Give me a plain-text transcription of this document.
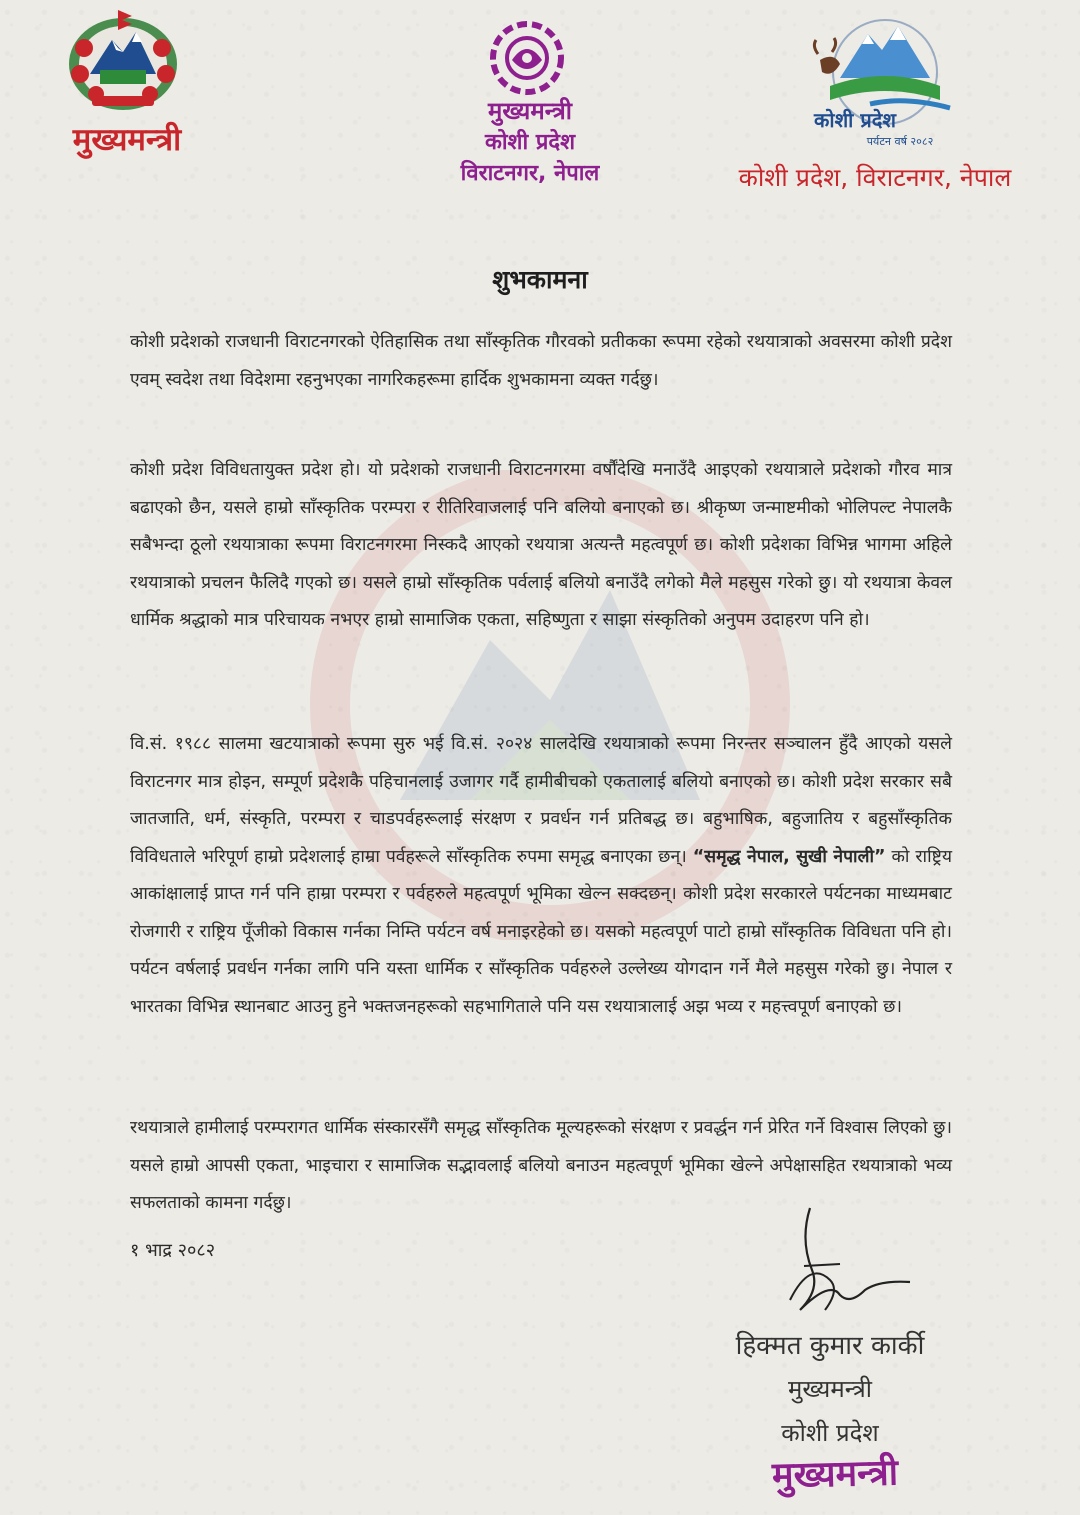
मुख्यमन्त्री
मुख्यमन्त्री
कोशी प्रदेश
विराटनगर, नेपाल
कोशी प्रदेश
पर्यटन वर्ष २०८२
कोशी प्रदेश, विराटनगर, नेपाल
शुभकामना
कोशी प्रदेशको राजधानी विराटनगरको ऐतिहासिक तथा साँस्कृतिक गौरवको प्रतीकका रूपमा रहेको रथयात्राको अवसरमा कोशी प्रदेश एवम् स्वदेश तथा विदेशमा रहनुभएका नागरिकहरूमा हार्दिक शुभकामना व्यक्त गर्दछु।
कोशी प्रदेश विविधतायुक्त प्रदेश हो। यो प्रदेशको राजधानी विराटनगरमा वर्षौंदेखि मनाउँदै आइएको रथयात्राले प्रदेशको गौरव मात्र बढाएको छैन, यसले हाम्रो साँस्कृतिक परम्परा र रीतिरिवाजलाई पनि बलियो बनाएको छ। श्रीकृष्ण जन्माष्टमीको भोलिपल्ट नेपालकै सबैभन्दा ठूलो रथयात्राका रूपमा विराटनगरमा निस्कदै आएको रथयात्रा अत्यन्तै महत्वपूर्ण छ। कोशी प्रदेशका विभिन्न भागमा अहिले रथयात्राको प्रचलन फैलिदै गएको छ। यसले हाम्रो साँस्कृतिक पर्वलाई बलियो बनाउँदै लगेको मैले महसुस गरेको छु। यो रथयात्रा केवल धार्मिक श्रद्धाको मात्र परिचायक नभएर हाम्रो सामाजिक एकता, सहिष्णुता र साझा संस्कृतिको अनुपम उदाहरण पनि हो।
वि.सं. १९८८ सालमा खटयात्राको रूपमा सुरु भई वि.सं. २०२४ सालदेखि रथयात्राको रूपमा निरन्तर सञ्चालन हुँदै आएको यसले विराटनगर मात्र होइन, सम्पूर्ण प्रदेशकै पहिचानलाई उजागर गर्दै हामीबीचको एकतालाई बलियो बनाएको छ। कोशी प्रदेश सरकार सबै जातजाति, धर्म, संस्कृति, परम्परा र चाडपर्वहरूलाई संरक्षण र प्रवर्धन गर्न प्रतिबद्ध छ। बहुभाषिक, बहुजातिय र बहुसाँस्कृतिक विविधताले भरिपूर्ण हाम्रो प्रदेशलाई हाम्रा पर्वहरूले साँस्कृतिक रुपमा समृद्ध बनाएका छन्। “समृद्ध नेपाल, सुखी नेपाली” को राष्ट्रिय आकांक्षालाई प्राप्त गर्न पनि हाम्रा परम्परा र पर्वहरुले महत्वपूर्ण भूमिका खेल्न सक्दछन्। कोशी प्रदेश सरकारले पर्यटनका माध्यमबाट रोजगारी र राष्ट्रिय पूँजीको विकास गर्नका निम्ति पर्यटन वर्ष मनाइरहेको छ। यसको महत्वपूर्ण पाटो हाम्रो साँस्कृतिक विविधता पनि हो। पर्यटन वर्षलाई प्रवर्धन गर्नका लागि पनि यस्ता धार्मिक र साँस्कृतिक पर्वहरुले उल्लेख्य योगदान गर्ने मैले महसुस गरेको छु। नेपाल र भारतका विभिन्न स्थानबाट आउनु हुने भक्तजनहरूको सहभागिताले पनि यस रथयात्रालाई अझ भव्य र महत्त्वपूर्ण बनाएको छ।
रथयात्राले हामीलाई परम्परागत धार्मिक संस्कारसँगै समृद्ध साँस्कृतिक मूल्यहरूको संरक्षण र प्रवर्द्धन गर्न प्रेरित गर्ने विश्वास लिएको छु। यसले हाम्रो आपसी एकता, भाइचारा र सामाजिक सद्भावलाई बलियो बनाउन महत्वपूर्ण भूमिका खेल्ने अपेक्षासहित रथयात्राको भव्य सफलताको कामना गर्दछु।
१ भाद्र २०८२
हिक्मत कुमार कार्की
मुख्यमन्त्री
कोशी प्रदेश
मुख्यमन्त्री
